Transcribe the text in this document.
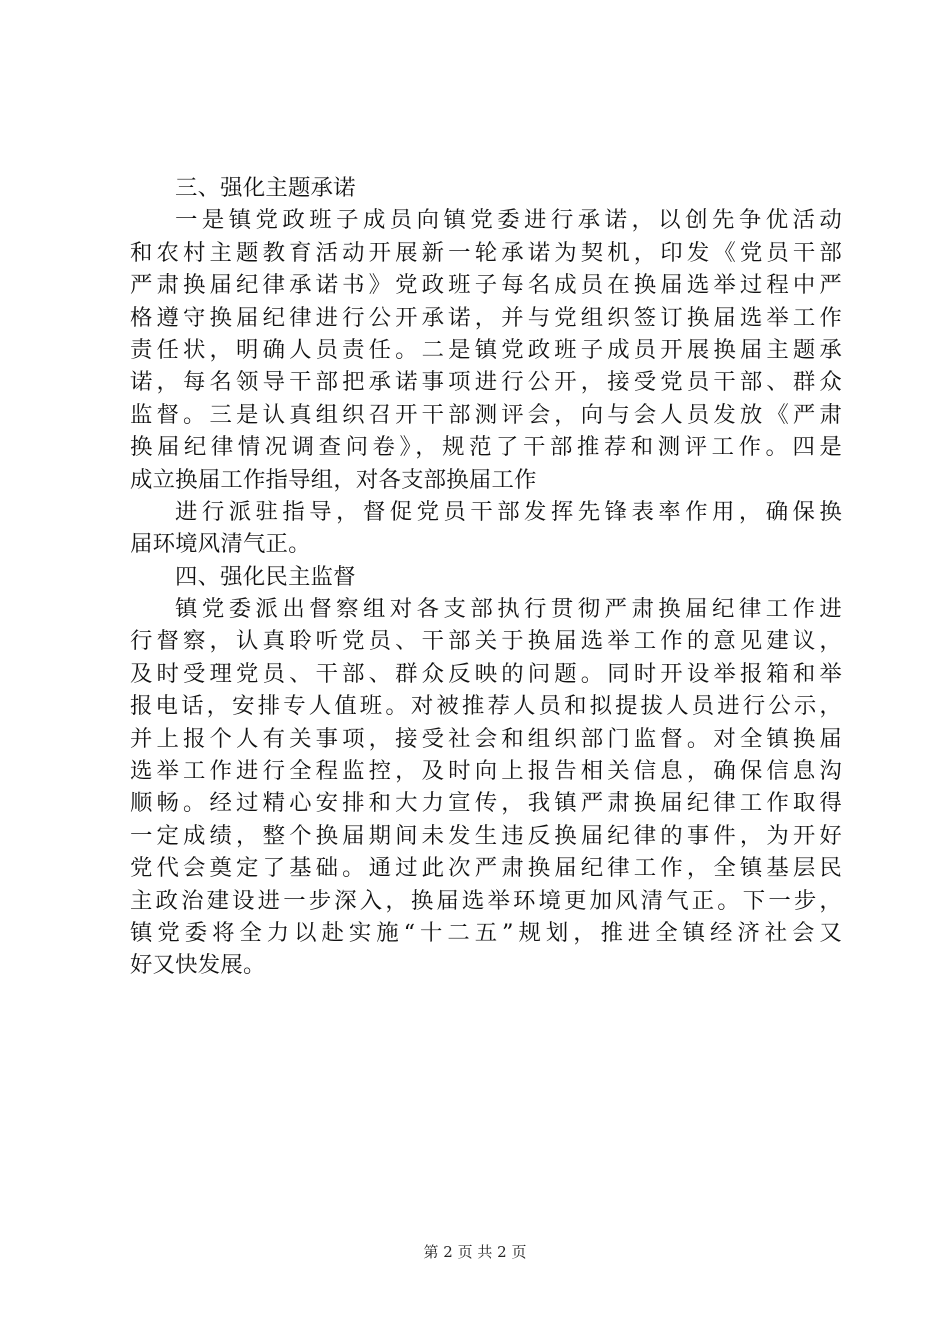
三、强化主题承诺
一是镇党政班子成员向镇党委进行承诺，以创先争优活动
和农村主题教育活动开展新一轮承诺为契机，印发《党员干部
严肃换届纪律承诺书》党政班子每名成员在换届选举过程中严
格遵守换届纪律进行公开承诺，并与党组织签订换届选举工作
责任状，明确人员责任。二是镇党政班子成员开展换届主题承
诺，每名领导干部把承诺事项进行公开，接受党员干部、群众
监督。三是认真组织召开干部测评会，向与会人员发放《严肃
换届纪律情况调查问卷》，规范了干部推荐和测评工作。四是
成立换届工作指导组，对各支部换届工作
进行派驻指导，督促党员干部发挥先锋表率作用，确保换
届环境风清气正。
四、强化民主监督
镇党委派出督察组对各支部执行贯彻严肃换届纪律工作进
行督察，认真聆听党员、干部关于换届选举工作的意见建议，
及时受理党员、干部、群众反映的问题。同时开设举报箱和举
报电话，安排专人值班。对被推荐人员和拟提拔人员进行公示，
并上报个人有关事项，接受社会和组织部门监督。对全镇换届
选举工作进行全程监控，及时向上报告相关信息，确保信息沟
顺畅。经过精心安排和大力宣传，我镇严肃换届纪律工作取得
一定成绩，整个换届期间未发生违反换届纪律的事件，为开好
党代会奠定了基础。通过此次严肃换届纪律工作，全镇基层民
主政治建设进一步深入，换届选举环境更加风清气正。下一步，
镇党委将全力以赴实施“十二五”规划，推进全镇经济社会又
好又快发展。
第 2 页 共 2 页
